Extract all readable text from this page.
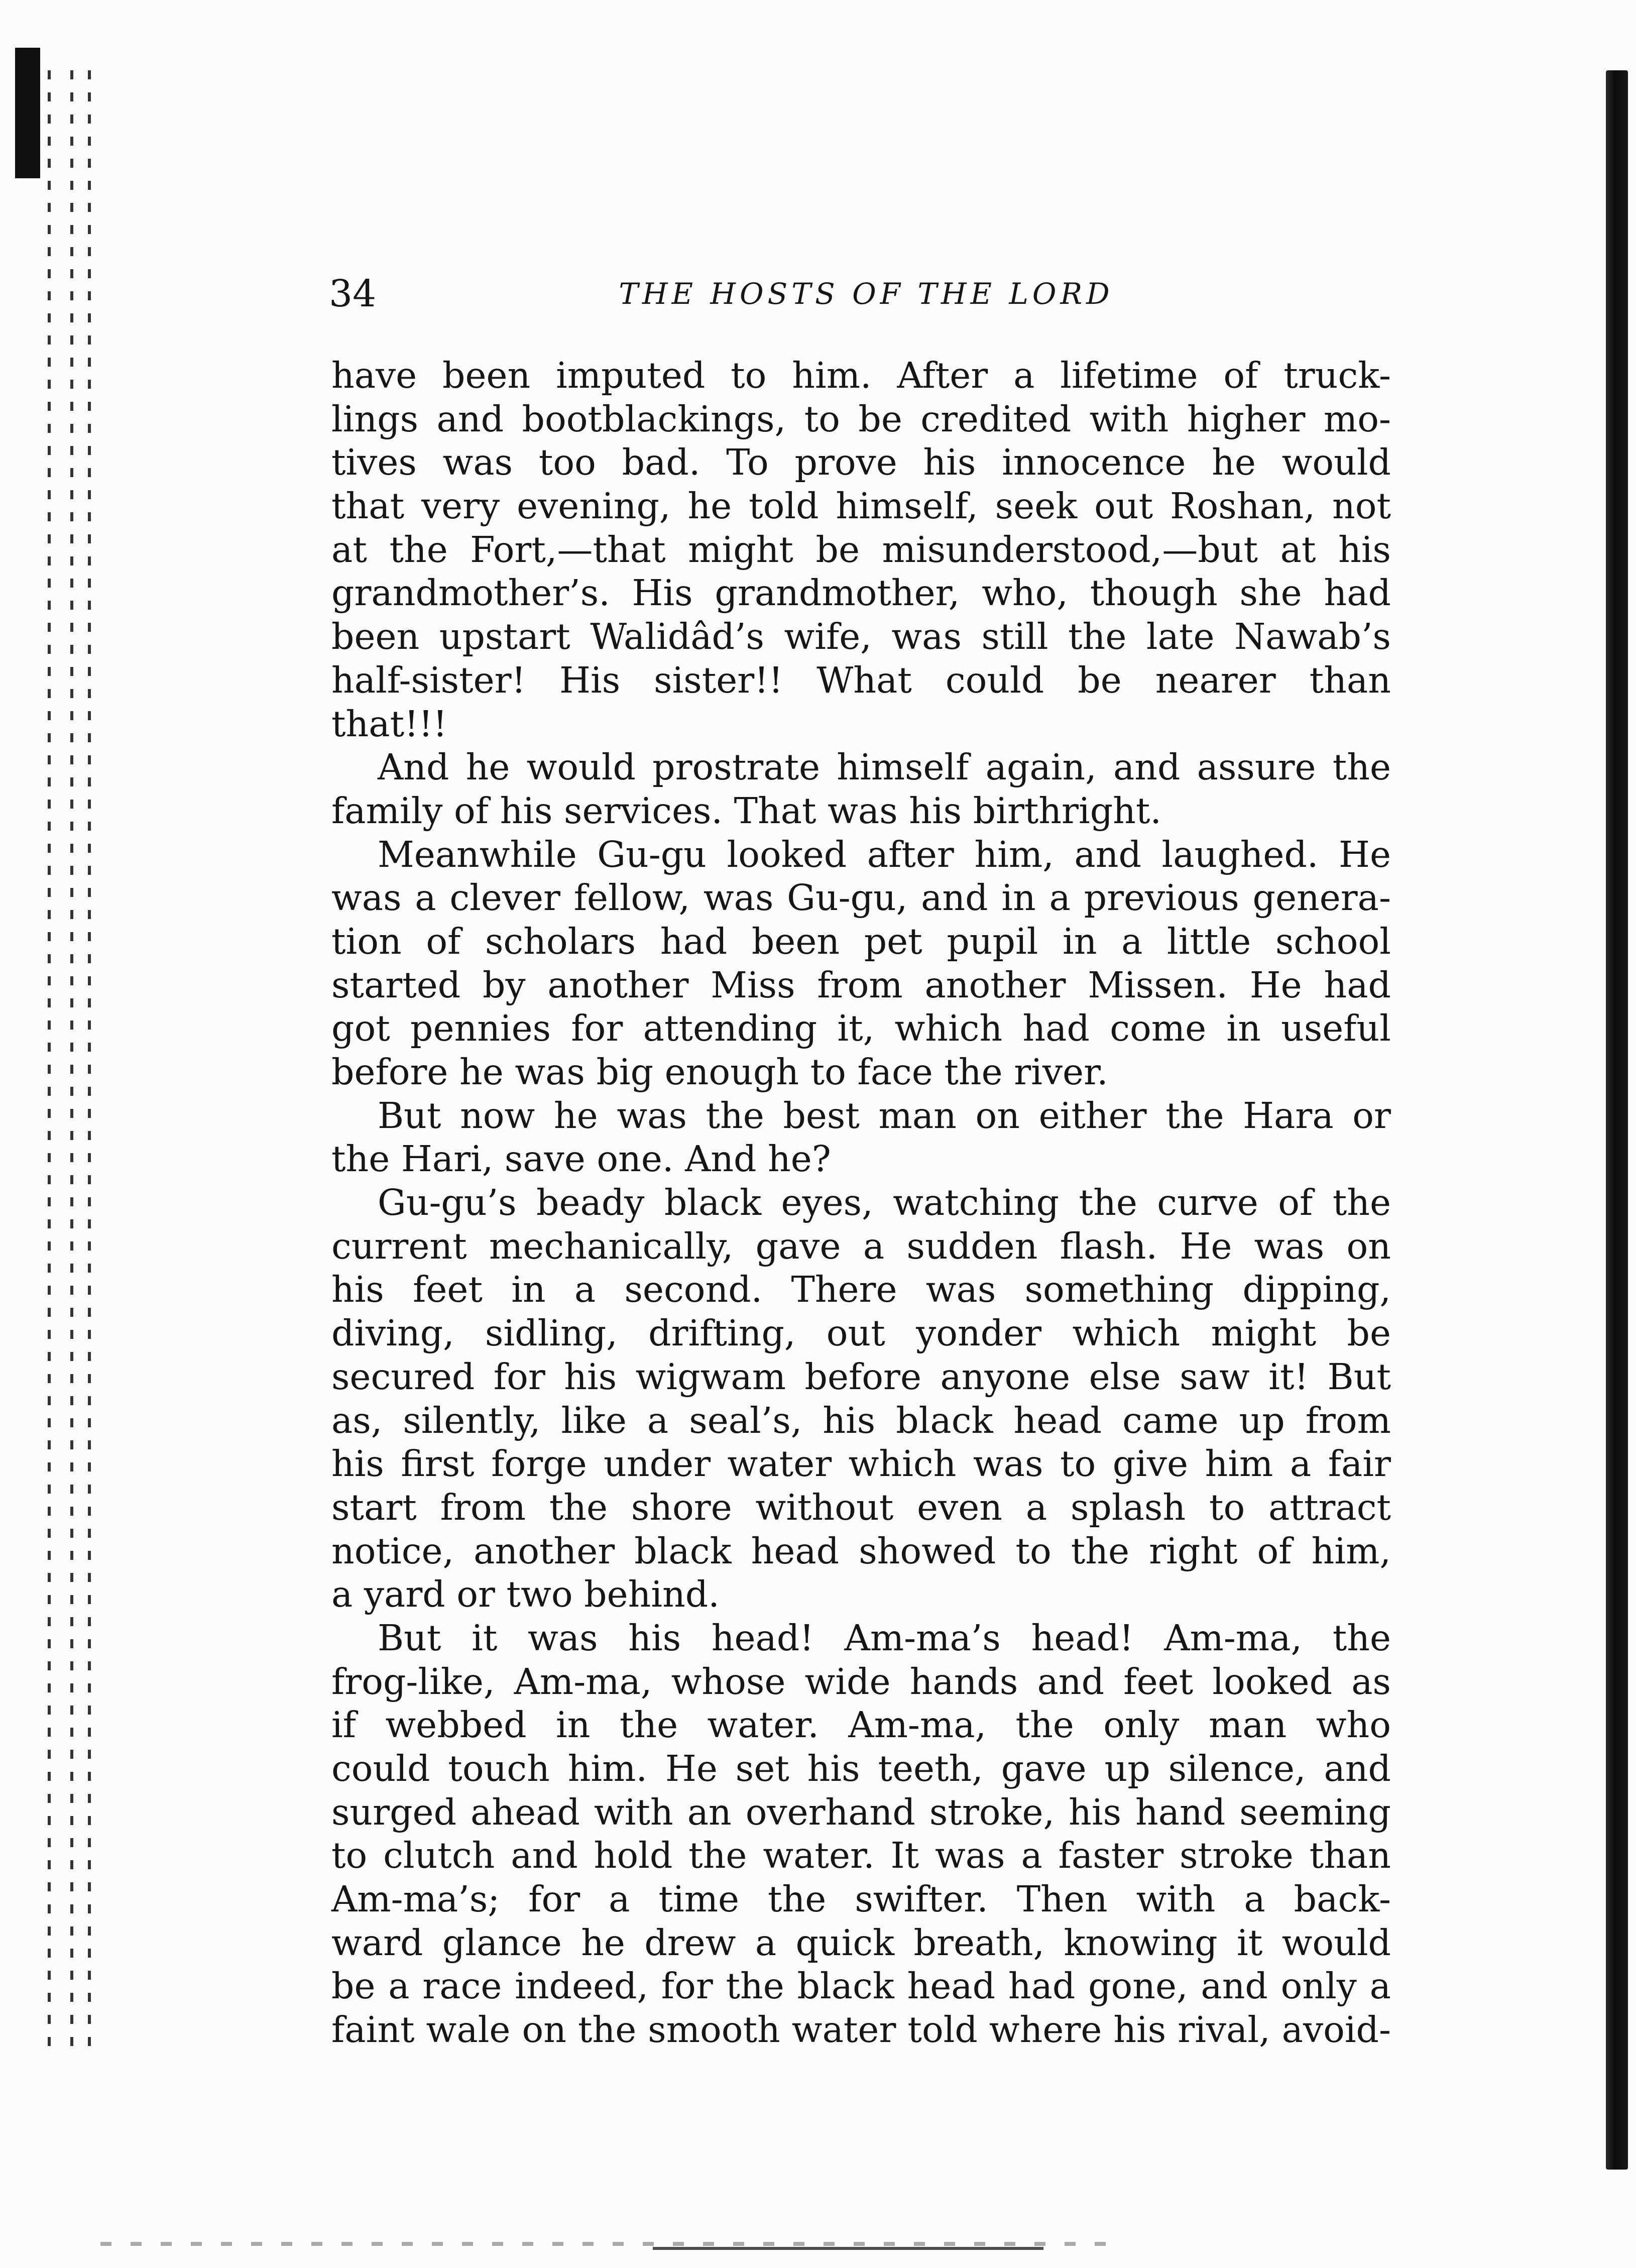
34	THE HOSTS OF THE LORD
have been imputed to him. After a lifetime of truck-
lings and bootblackings, to be credited with higher mo-
tives was too bad. To prove his innocence he would
that very evening, he told himself, seek out Roshan, not
at the Fort,—that might be misunderstood,—but at his
grandmother’s. His grandmother, who, though she had
been upstart Walidâd’s wife, was still the late Nawab’s
half-sister! His sister!! What could be nearer than
that!!!
And he would prostrate himself again, and assure the
family of his services. That was his birthright.
Meanwhile Gu-gu looked after him, and laughed. He
was a clever fellow, was Gu-gu, and in a previous genera-
tion of scholars had been pet pupil in a little school
started by another Miss from another Missen. He had
got pennies for attending it, which had come in useful
before he was big enough to face the river.
But now he was the best man on either the Hara or
the Hari, save one. And he?
Gu-gu’s beady black eyes, watching the curve of the
current mechanically, gave a sudden flash. He was on
his feet in a second. There was something dipping,
diving, sidling, drifting, out yonder which might be
secured for his wigwam before anyone else saw it! But
as, silently, like a seal’s, his black head came up from
his first forge under water which was to give him a fair
start from the shore without even a splash to attract
notice, another black head showed to the right of him,
a yard or two behind.
But it was his head! Am-ma’s head! Am-ma, the
frog-like, Am-ma, whose wide hands and feet looked as
if webbed in the water. Am-ma, the only man who
could touch him. He set his teeth, gave up silence, and
surged ahead with an overhand stroke, his hand seeming
to clutch and hold the water. It was a faster stroke than
Am-ma’s; for a time the swifter. Then with a back-
ward glance he drew a quick breath, knowing it would
be a race indeed, for the black head had gone, and only a
faint wale on the smooth water told where his rival, avoid-
